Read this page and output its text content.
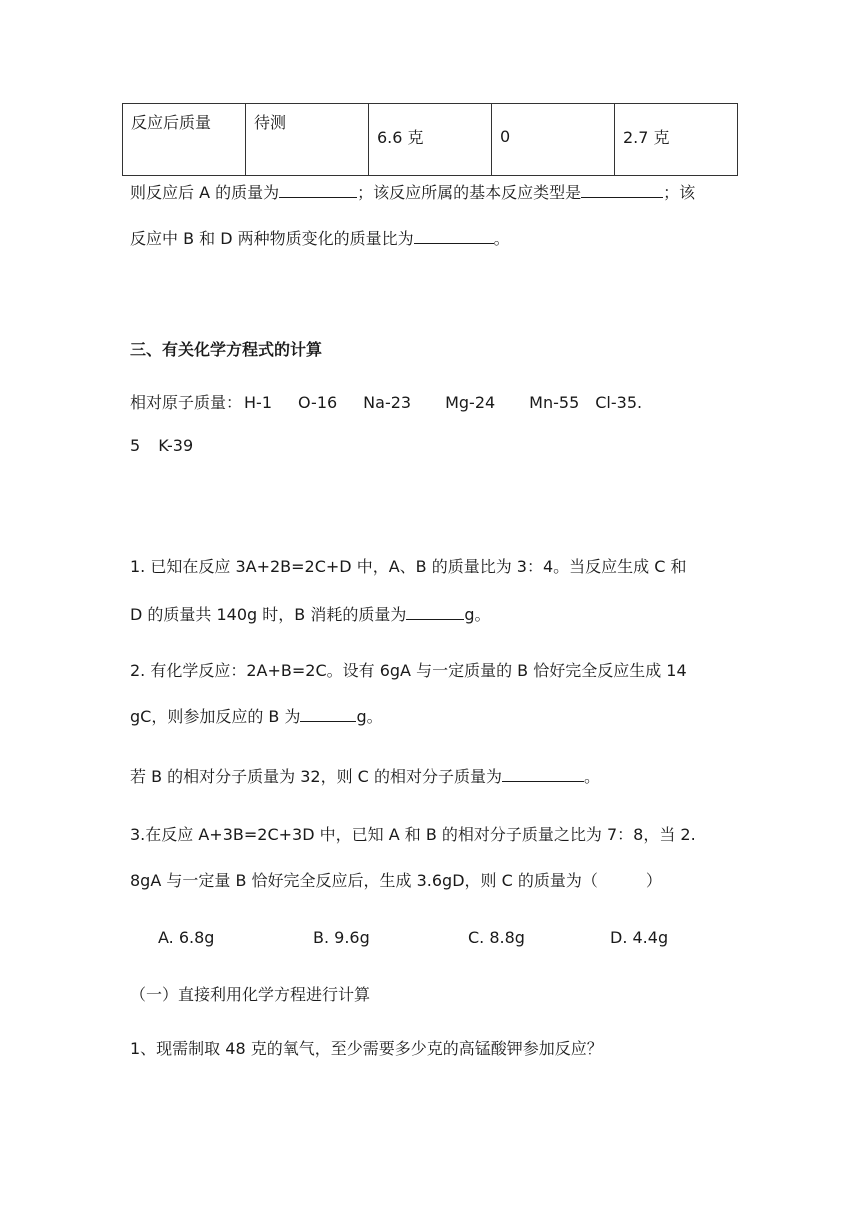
反应后质量	待测	6.6 克	0	2.7 克
则反应后 A 的质量为	；该反应所属的基本反应类型是	；该
反应中 B 和 D 两种物质变化的质量比为	。
三、有关化学方程式的计算
相对原子质量： H-1 O-16 Na-23 Mg-24 Mn-55 Cl-35.
5 K-39
1. 已知在反应 3A+2B=2C+D 中，A、B 的质量比为 3：4。当反应生成 C 和
D 的质量共 140g 时，B 消耗的质量为	g。
2. 有化学反应：2A+B=2C。设有 6gA 与一定质量的 B 恰好完全反应生成 14
gC，则参加反应的 B 为	g。
若 B 的相对分子质量为 32，则 C 的相对分子质量为	。
3.在反应 A+3B=2C+3D 中，已知 A 和 B 的相对分子质量之比为 7：8，当 2.
8gA 与一定量 B 恰好完全反应后，生成 3.6gD，则 C 的质量为（　　　）
A. 6.8g	B. 9.6g	C. 8.8g	D. 4.4g
（一）直接利用化学方程进行计算
1、现需制取 48 克的氧气，至少需要多少克的高锰酸钾参加反应？
